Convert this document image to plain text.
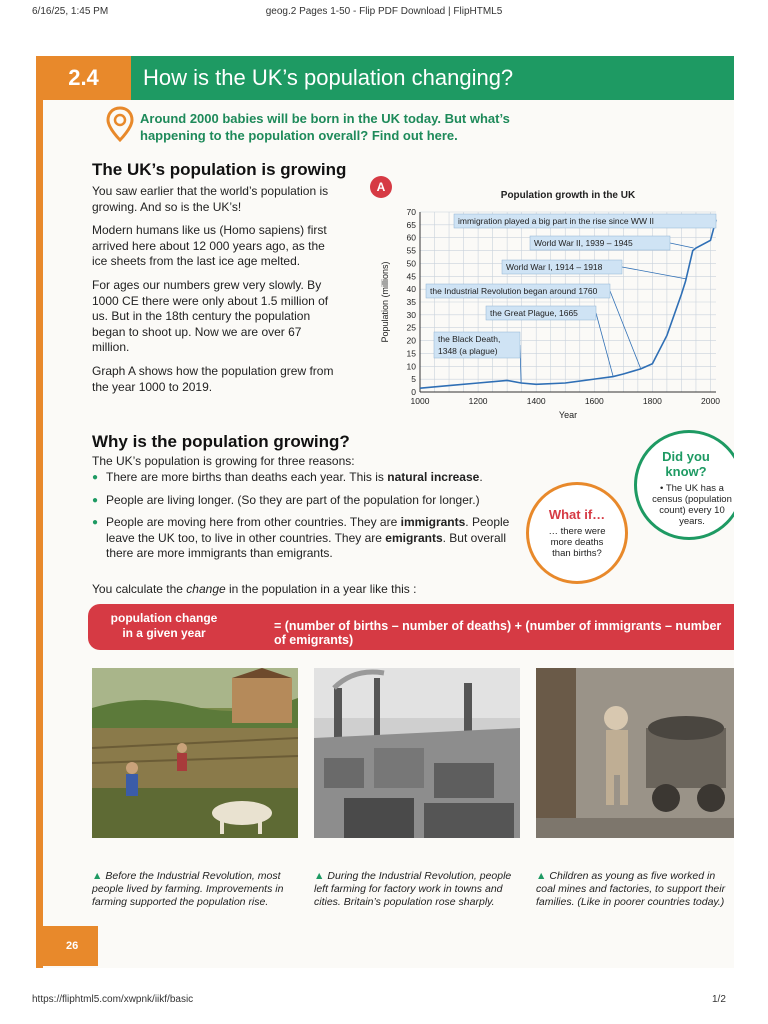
6/16/25, 1:45 PM	geog.2 Pages 1-50 - Flip PDF Download | FlipHTML5
https://fliphtml5.com/xwpnk/iikf/basic	1/2
2.4	How is the UK’s population changing?
Around 2000 babies will be born in the UK today. But what’s happening to the population overall? Find out here.
The UK’s population is growing

You saw earlier that the world’s population is growing. And so is the UK’s!

Modern humans like us (Homo sapiens) first arrived here about 12 000 years ago, as the ice sheets from the last ice age melted.

For ages our numbers grew very slowly. By 1000 CE there were only about 1.5 million of us. But in the 18th century the population began to shoot up. Now we are over 67 million.

Graph A shows how the population grew from the year 1000 to 2019.

A
Population growth in the UK
0
5
10
15
20
25
30
35
40
45
50
55
60
65
70
1000	1200	1400	1600	1800	2000
Year
Population (millions)
immigration played a big part in the rise since WW II
World War II, 1939 – 1945
World War I, 1914 – 1918
the Industrial Revolution began around 1760
the Great Plague, 1665
the Black Death,
1348 (a plague)
Why is the population growing?
The UK’s population is growing for three reasons:
● There are more births than deaths each year. This is natural increase.
● People are living longer. (So they are part of the population for longer.)
● People are moving here from other countries. They are immigrants. People leave the UK too, to live in other countries. They are emigrants. But overall there are more immigrants than emigrants.
You calculate the change in the population in a year like this :
Did you know?
• The UK has a census (population count) every 10 years.
What if…
… there were more deaths than births?
population change in a given year	= (number of births – number of deaths) + (number of immigrants – number of emigrants)
▲ Before the Industrial Revolution, most people lived by farming. Improvements in farming supported the population rise.
▲ During the Industrial Revolution, people left farming for factory work in towns and cities. Britain’s population rose sharply.
▲ Children as young as five worked in coal mines and factories, to support their families. (Like in poorer countries today.)
26
